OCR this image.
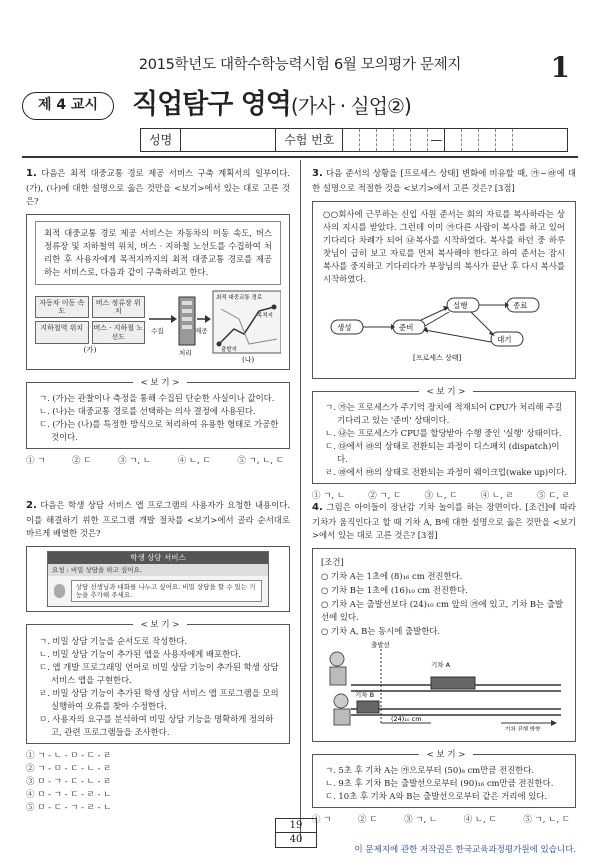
2015학년도 대학수학능력시험 6월 모의평가 문제지	1
제 4 교시	직업탐구 영역(가사 · 실업②)
성명	수험 번호	—

1. 다음은 최적 대중교통 경로 제공 서비스 구축 계획서의 일부이다. (가), (나)에 대한 설명으로 옳은 것만을 <보기>에서 있는 대로 고른 것은?

최적 대중교통 경로 제공 서비스는 자동차의 이동 속도, 버스 정류장 및 지하철역 위치, 버스 · 지하철 노선도를 수집하여 처리한 후 사용자에게 목적지까지의 최적 대중교통 경로를 제공하는 서비스로, 다음과 같이 구축하려고 한다.
자동차 이동 속도
버스 정류장 위치
지하철역 위치	버스 · 지하철 노선도
(가)
수집
처리
제공
최적 대중교통 경로
출발지
목적지
(나)
< 보 기 >

ㄱ. (가)는 관찰이나 측정을 통해 수집된 단순한 사실이나 값이다.

ㄴ. (나)는 대중교통 경로를 선택하는 의사 결정에 사용된다.

ㄷ. (가)는 (나)를 특정한 방식으로 처리하여 유용한 형태로 가공한 것이다.

① ㄱ	② ㄷ	③ ㄱ, ㄴ	④ ㄴ, ㄷ	⑤ ㄱ, ㄴ, ㄷ

2. 다음은 학생 상담 서비스 앱 프로그램의 사용자가 요청한 내용이다. 이를 해결하기 위한 프로그램 개발 절차를 <보기>에서 골라 순서대로 바르게 배열한 것은?

학생 상담 서비스
요청 : 비밀 상담을 하고 싶어요.
상담 선생님과 대화를 나누고 싶어요. 비밀 상담을 할 수 있는 기능을 추가해 주세요.
< 보 기 >

ㄱ. 비밀 상담 기능을 순서도로 작성한다.

ㄴ. 비밀 상담 기능이 추가된 앱을 사용자에게 배포한다.

ㄷ. 앱 개발 프로그래밍 언어로 비밀 상담 기능이 추가된 학생 상담 서비스 앱을 구현한다.

ㄹ. 비밀 상담 기능이 추가된 학생 상담 서비스 앱 프로그램을 모의 실행하여 오류를 찾아 수정한다.

ㅁ. 사용자의 요구를 분석하여 비밀 상담 기능을 명확하게 정의하고, 관련 프로그램들을 조사한다.

① ㄱ - ㄴ - ㅁ - ㄷ - ㄹ
② ㄱ - ㅁ - ㄷ - ㄴ - ㄹ
③ ㅁ - ㄱ - ㄷ - ㄴ - ㄹ
④ ㅁ - ㄱ - ㄷ - ㄹ - ㄴ
⑤ ㅁ - ㄷ - ㄱ - ㄹ - ㄴ

3. 다음 준서의 상황을 [프로세스 상태] 변화에 비유할 때, ㉮~㉱에 대한 설명으로 적절한 것을 <보기>에서 고른 것은? [3점]

○○회사에 근무하는 신입 사원 준서는 회의 자료를 복사하라는 상사의 지시를 받았다. 그런데 이미 ㉮다른 사람이 복사를 하고 있어 기다리다 차례가 되어 ㉯복사를 시작하였다. 복사를 하던 중 하루찻님이 급히 보고 자료를 먼저 복사해야 한다고 하여 준서는 잠시 복사를 중지하고 기다리다가 부장님의 복사가 끝난 후 다시 복사를 시작하였다.
생성	준비
실행	종료
대기
[프로세스 상태]
< 보 기 >

ㄱ. ㉮는 프로세스가 주기억 장치에 적재되어 CPU가 처리해 주길 기다리고 있는 '준비' 상태이다.

ㄴ. ㉯는 프로세스가 CPU를 할당받아 수행 중인 '실행' 상태이다.

ㄷ. ㉰에서 ㉱의 상태로 전환되는 과정이 디스패치 (dispatch)이다.

ㄹ. ㉱에서 ㉲의 상태로 전환되는 과정이 웨이크업(wake up)이다.

① ㄱ, ㄴ	② ㄱ, ㄷ	③ ㄴ, ㄷ	④ ㄴ, ㄹ	⑤ ㄷ, ㄹ

4. 그림은 아이들이 장난감 기차 놀이를 하는 장면이다. [조건]에 따라 기차가 움직인다고 할 때 기차 A, B에 대한 설명으로 옳은 것만을 <보기>에서 있는 대로 고른 것은? [3점]

[조건]

○ 기차 A는 1초에 (8)₁₆ cm 전진한다.

○ 기차 B는 1초에 (16)₁₀ cm 전진한다.

○ 기차 A는 출발선보다 (24)₁₀ cm 앞의 ㉮에 있고, 기차 B는 출발선에 있다.

○ 기차 A, B는 동시에 출발한다.

출발선
기차 A
기차 B
(24)₁₀ cm
기차 진행 방향
< 보 기 >

ㄱ. 5초 후 기차 A는 ㉮으로부터 (50)₈ cm만큼 전진한다.

ㄴ. 9초 후 기차 B는 출발선으로부터 (90)₁₆ cm만큼 전진한다.

ㄷ. 10초 후 기차 A와 B는 출발선으로부터 같은 거리에 있다.

① ㄱ	② ㄷ	③ ㄱ, ㄴ	④ ㄴ, ㄷ	⑤ ㄱ, ㄴ, ㄷ
19
40
이 문제지에 관한 저작권은 한국교육과정평가원에 있습니다.
